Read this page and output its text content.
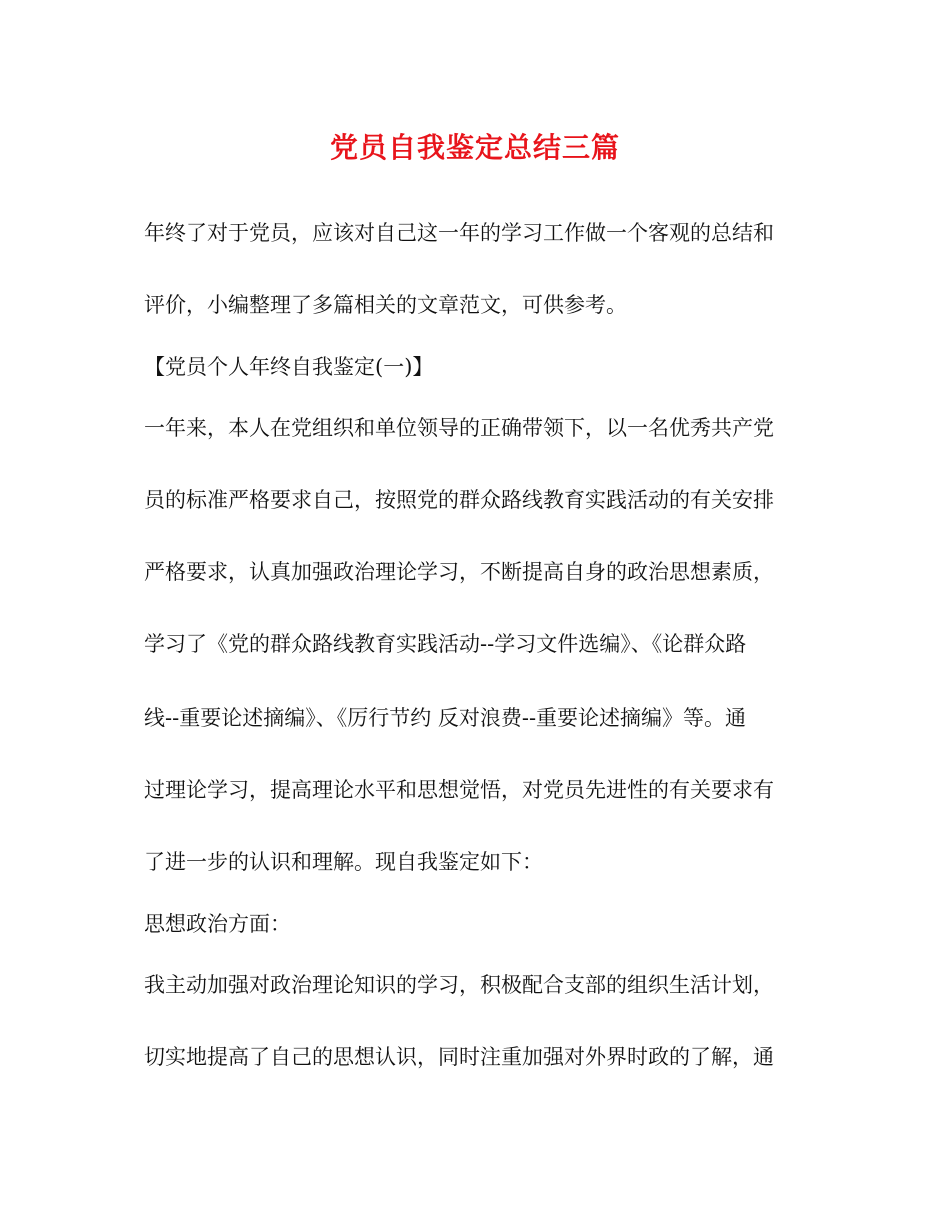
党员自我鉴定总结三篇

年终了对于党员，应该对自己这一年的学习工作做一个客观的总结和

评价，小编整理了多篇相关的文章范文，可供参考。

【党员个人年终自我鉴定(一)】

一年来，本人在党组织和单位领导的正确带领下，以一名优秀共产党

员的标准严格要求自己，按照党的群众路线教育实践活动的有关安排

严格要求，认真加强政治理论学习，不断提高自身的政治思想素质，

学习了《党的群众路线教育实践活动--学习文件选编》、《论群众路

线--重要论述摘编》、《厉行节约 反对浪费--重要论述摘编》等。通

过理论学习，提高理论水平和思想觉悟，对党员先进性的有关要求有

了进一步的认识和理解。现自我鉴定如下：

思想政治方面：

我主动加强对政治理论知识的学习，积极配合支部的组织生活计划，

切实地提高了自己的思想认识，同时注重加强对外界时政的了解，通
